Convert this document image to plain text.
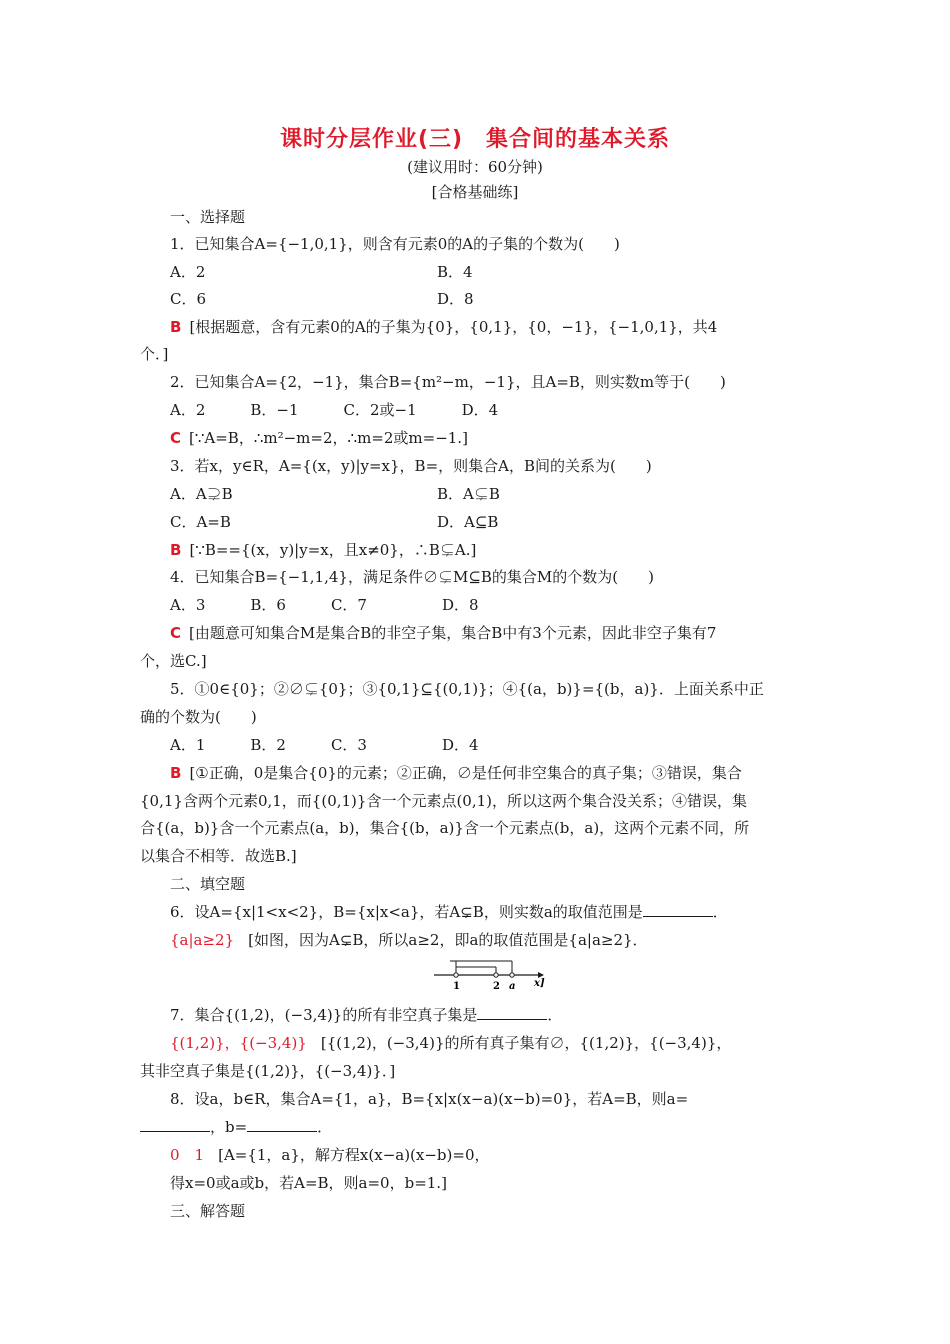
课时分层作业(三)　集合间的基本关系
(建议用时：60分钟)
[合格基础练]
一、选择题
1．已知集合A={−1,0,1}，则含有元素0的A的子集的个数为(　　)
A．2	B．4
C．6	D．8
B [根据题意，含有元素0的A的子集为{0}，{0,1}，{0，−1}，{−1,0,1}，共4
个．]
2．已知集合A={2，−1}，集合B={m²−m，−1}，且A=B，则实数m等于(　　)
A．2　　　B．−1　　　C．2或−1　　　D．4
C [∵A=B，∴m²−m=2，∴m=2或m=−1.]
3．若x，y∈R，A={(x，y)|y=x}，B=，则集合A，B间的关系为(　　)
A．A⊋B	B．A⊊B
C．A=B	D．A⊆B
B [∵B=={(x，y)|y=x，且x≠0}，∴B⊊A.]
4．已知集合B={−1,1,4}，满足条件∅⊊M⊆B的集合M的个数为(　　)
A．3　　　B．6　　　C．7　　　　　D．8
C [由题意可知集合M是集合B的非空子集，集合B中有3个元素，因此非空子集有7
个，选C.]
5．①0∈{0}；②∅⊊{0}；③{0,1}⊆{(0,1)}；④{(a，b)}={(b，a)}．上面关系中正
确的个数为(　　)
A．1　　　B．2　　　C．3　　　　　D．4
B [①正确，0是集合{0}的元素；②正确，∅是任何非空集合的真子集；③错误，集合
{0,1}含两个元素0,1，而{(0,1)}含一个元素点(0,1)，所以这两个集合没关系；④错误，集
合{(a，b)}含一个元素点(a，b)，集合{(b，a)}含一个元素点(b，a)，这两个元素不同，所
以集合不相等．故选B.]
二、填空题
6．设A={x|1<x<2}，B={x|x<a}，若A⊊B，则实数a的取值范围是	．
{a|a≥2} [如图，因为A⊊B，所以a≥2，即a的取值范围是{a|a≥2}．
1	2 a x]
7．集合{(1,2)，(−3,4)}的所有非空真子集是	．
{(1,2)}，{(−3,4)} [{(1,2)，(−3,4)}的所有真子集有∅，{(1,2)}，{(−3,4)}，
其非空真子集是{(1,2)}，{(−3,4)}．]
8．设a，b∈R，集合A={1，a}，B={x|x(x−a)(x−b)=0}，若A=B，则a=
，b=	．
0　1 [A={1，a}，解方程x(x−a)(x−b)=0，
得x=0或a或b，若A=B，则a=0，b=1.]
三、解答题
